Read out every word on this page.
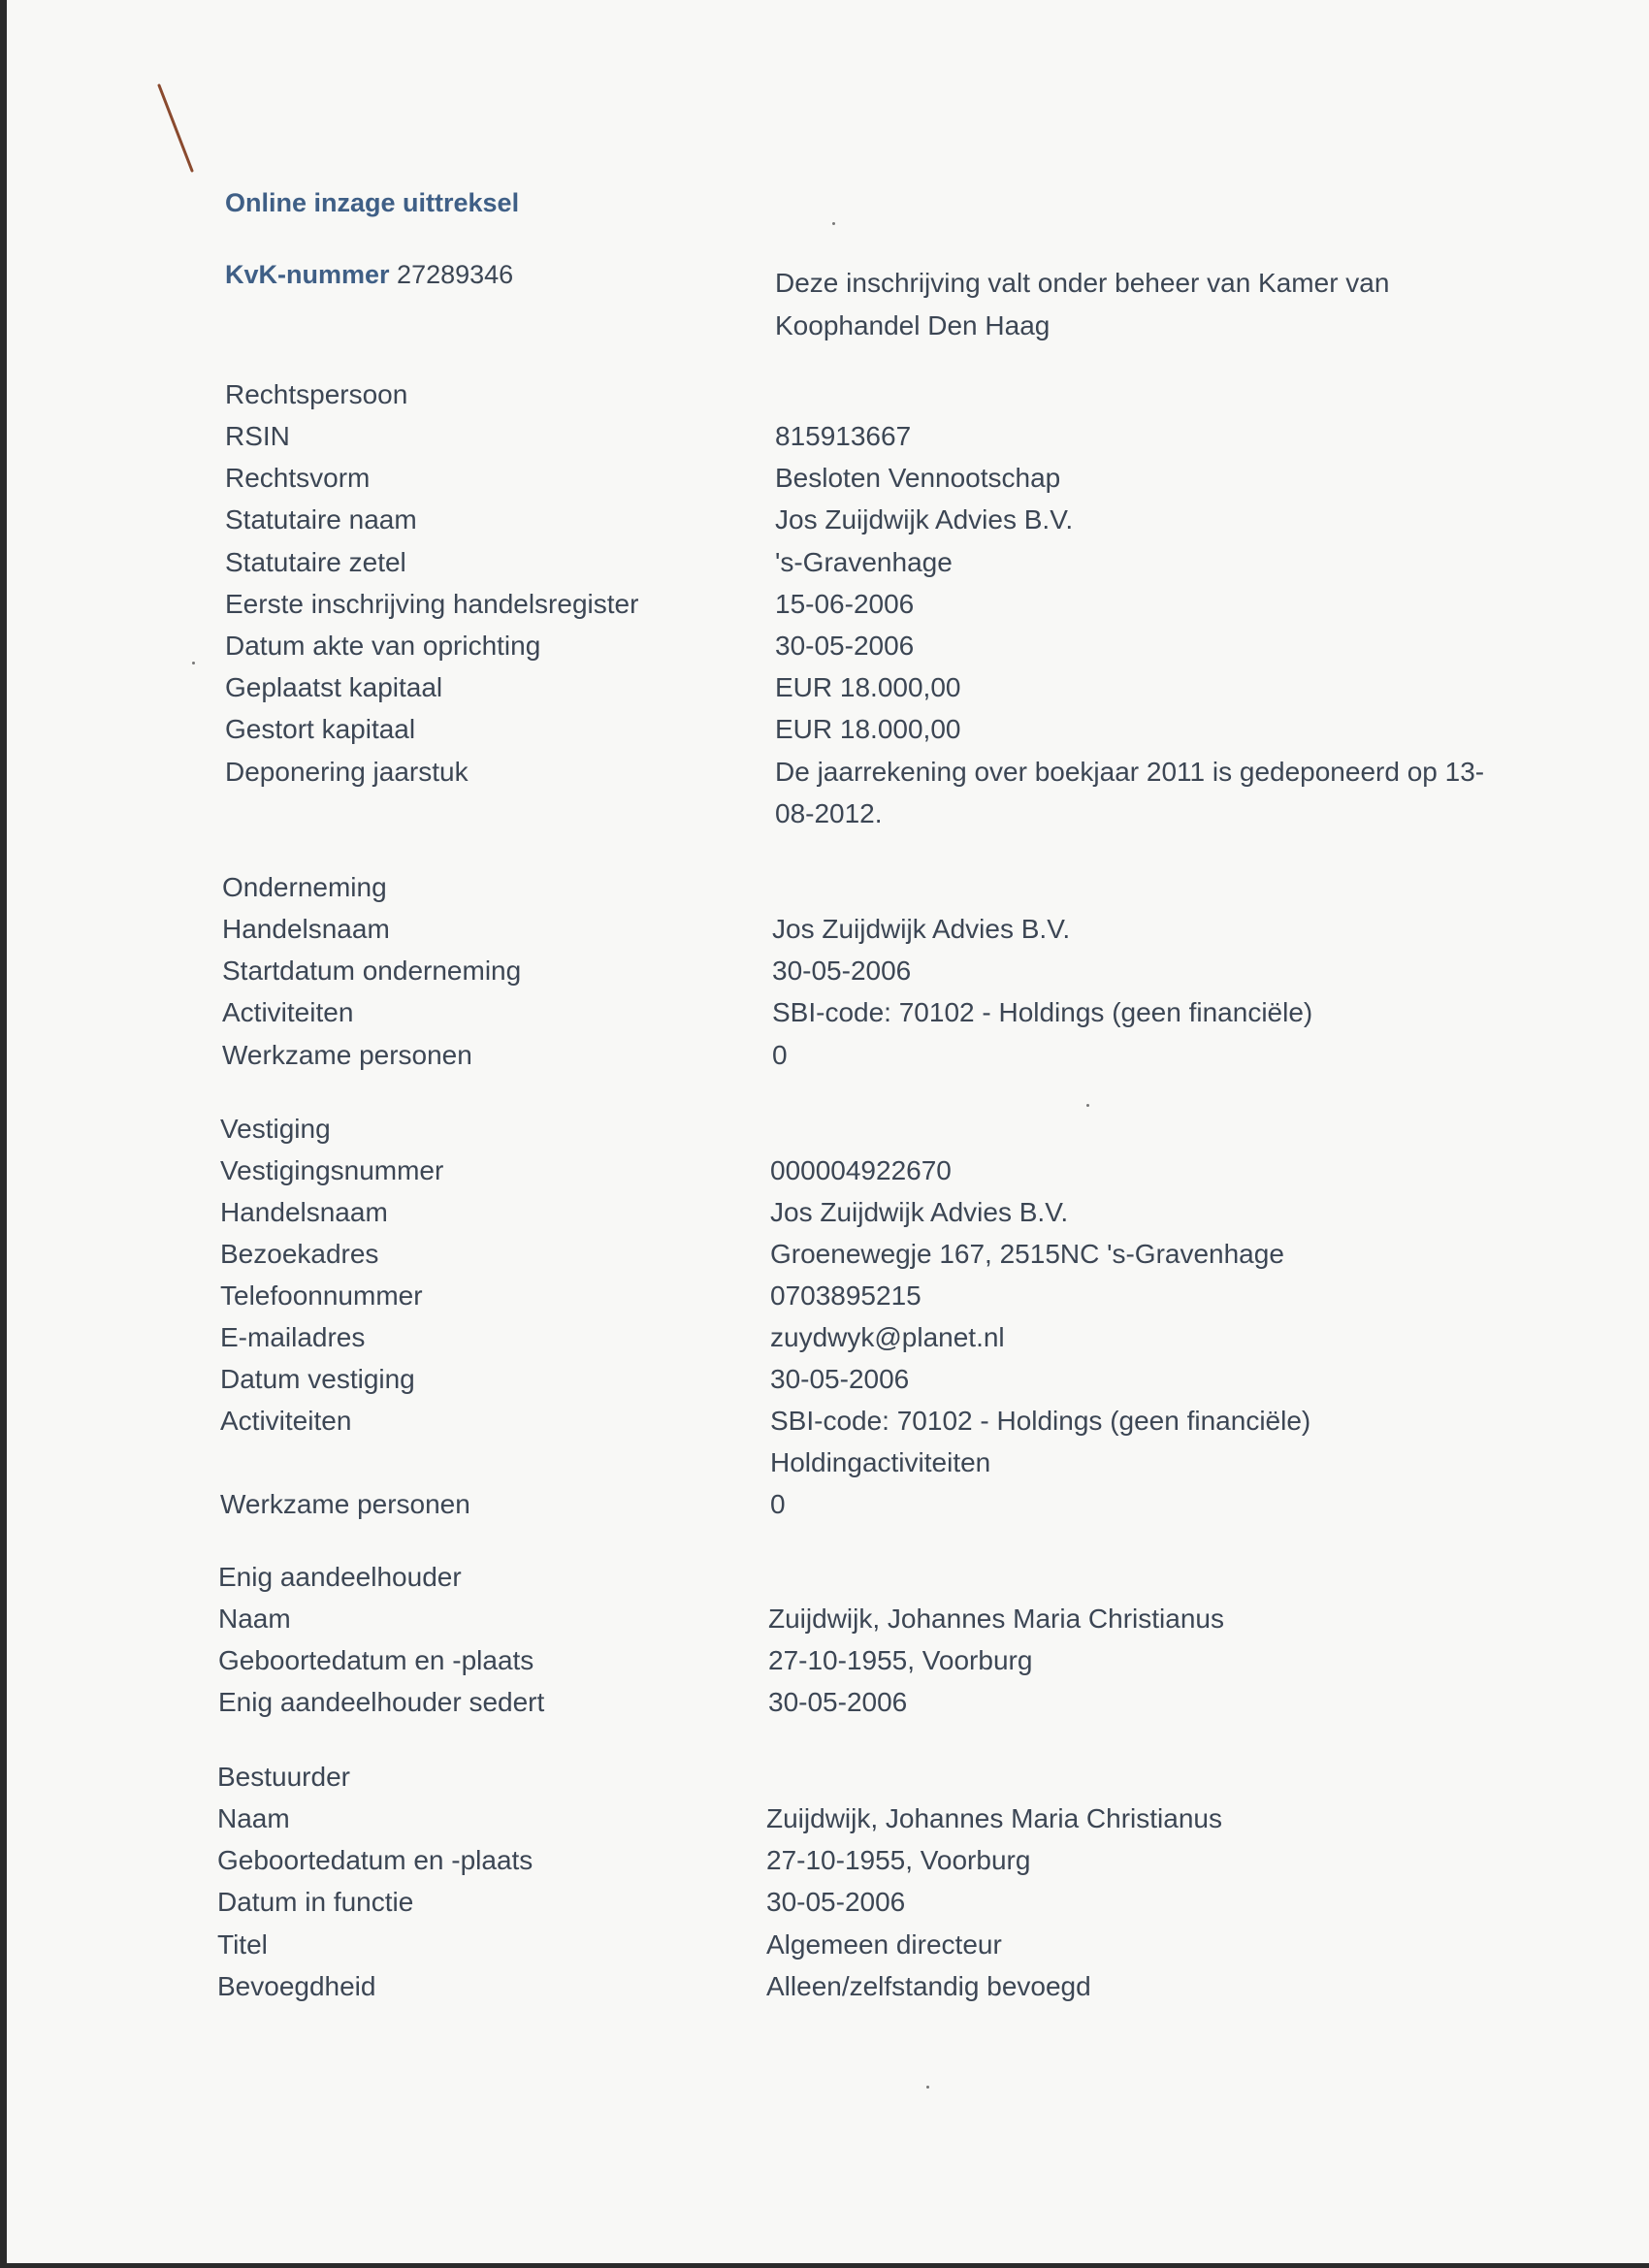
Online inzage uittreksel
KvK-nummer 27289346	Deze inschrijving valt onder beheer van Kamer van Koophandel Den Haag
Rechtspersoon
RSIN	815913667
Rechtsvorm	Besloten Vennootschap
Statutaire naam	Jos Zuijdwijk Advies B.V.
Statutaire zetel	's-Gravenhage
Eerste inschrijving handelsregister	15-06-2006
Datum akte van oprichting	30-05-2006
Geplaatst kapitaal	EUR 18.000,00
Gestort kapitaal	EUR 18.000,00
Deponering jaarstuk	De jaarrekening over boekjaar 2011 is gedeponeerd op 13-08-2012.
Onderneming
Handelsnaam	Jos Zuijdwijk Advies B.V.
Startdatum onderneming	30-05-2006
Activiteiten	SBI-code: 70102 - Holdings (geen financiële)
Werkzame personen	0
Vestiging
Vestigingsnummer	000004922670
Handelsnaam	Jos Zuijdwijk Advies B.V.
Bezoekadres	Groenewegje 167, 2515NC 's-Gravenhage
Telefoonnummer	0703895215
E-mailadres	zuydwyk@planet.nl
Datum vestiging	30-05-2006
Activiteiten	SBI-code: 70102 - Holdings (geen financiële)
Holdingactiviteiten
Werkzame personen	0
Enig aandeelhouder
Naam	Zuijdwijk, Johannes Maria Christianus
Geboortedatum en -plaats	27-10-1955, Voorburg
Enig aandeelhouder sedert	30-05-2006
Bestuurder
Naam	Zuijdwijk, Johannes Maria Christianus
Geboortedatum en -plaats	27-10-1955, Voorburg
Datum in functie	30-05-2006
Titel	Algemeen directeur
Bevoegdheid	Alleen/zelfstandig bevoegd
